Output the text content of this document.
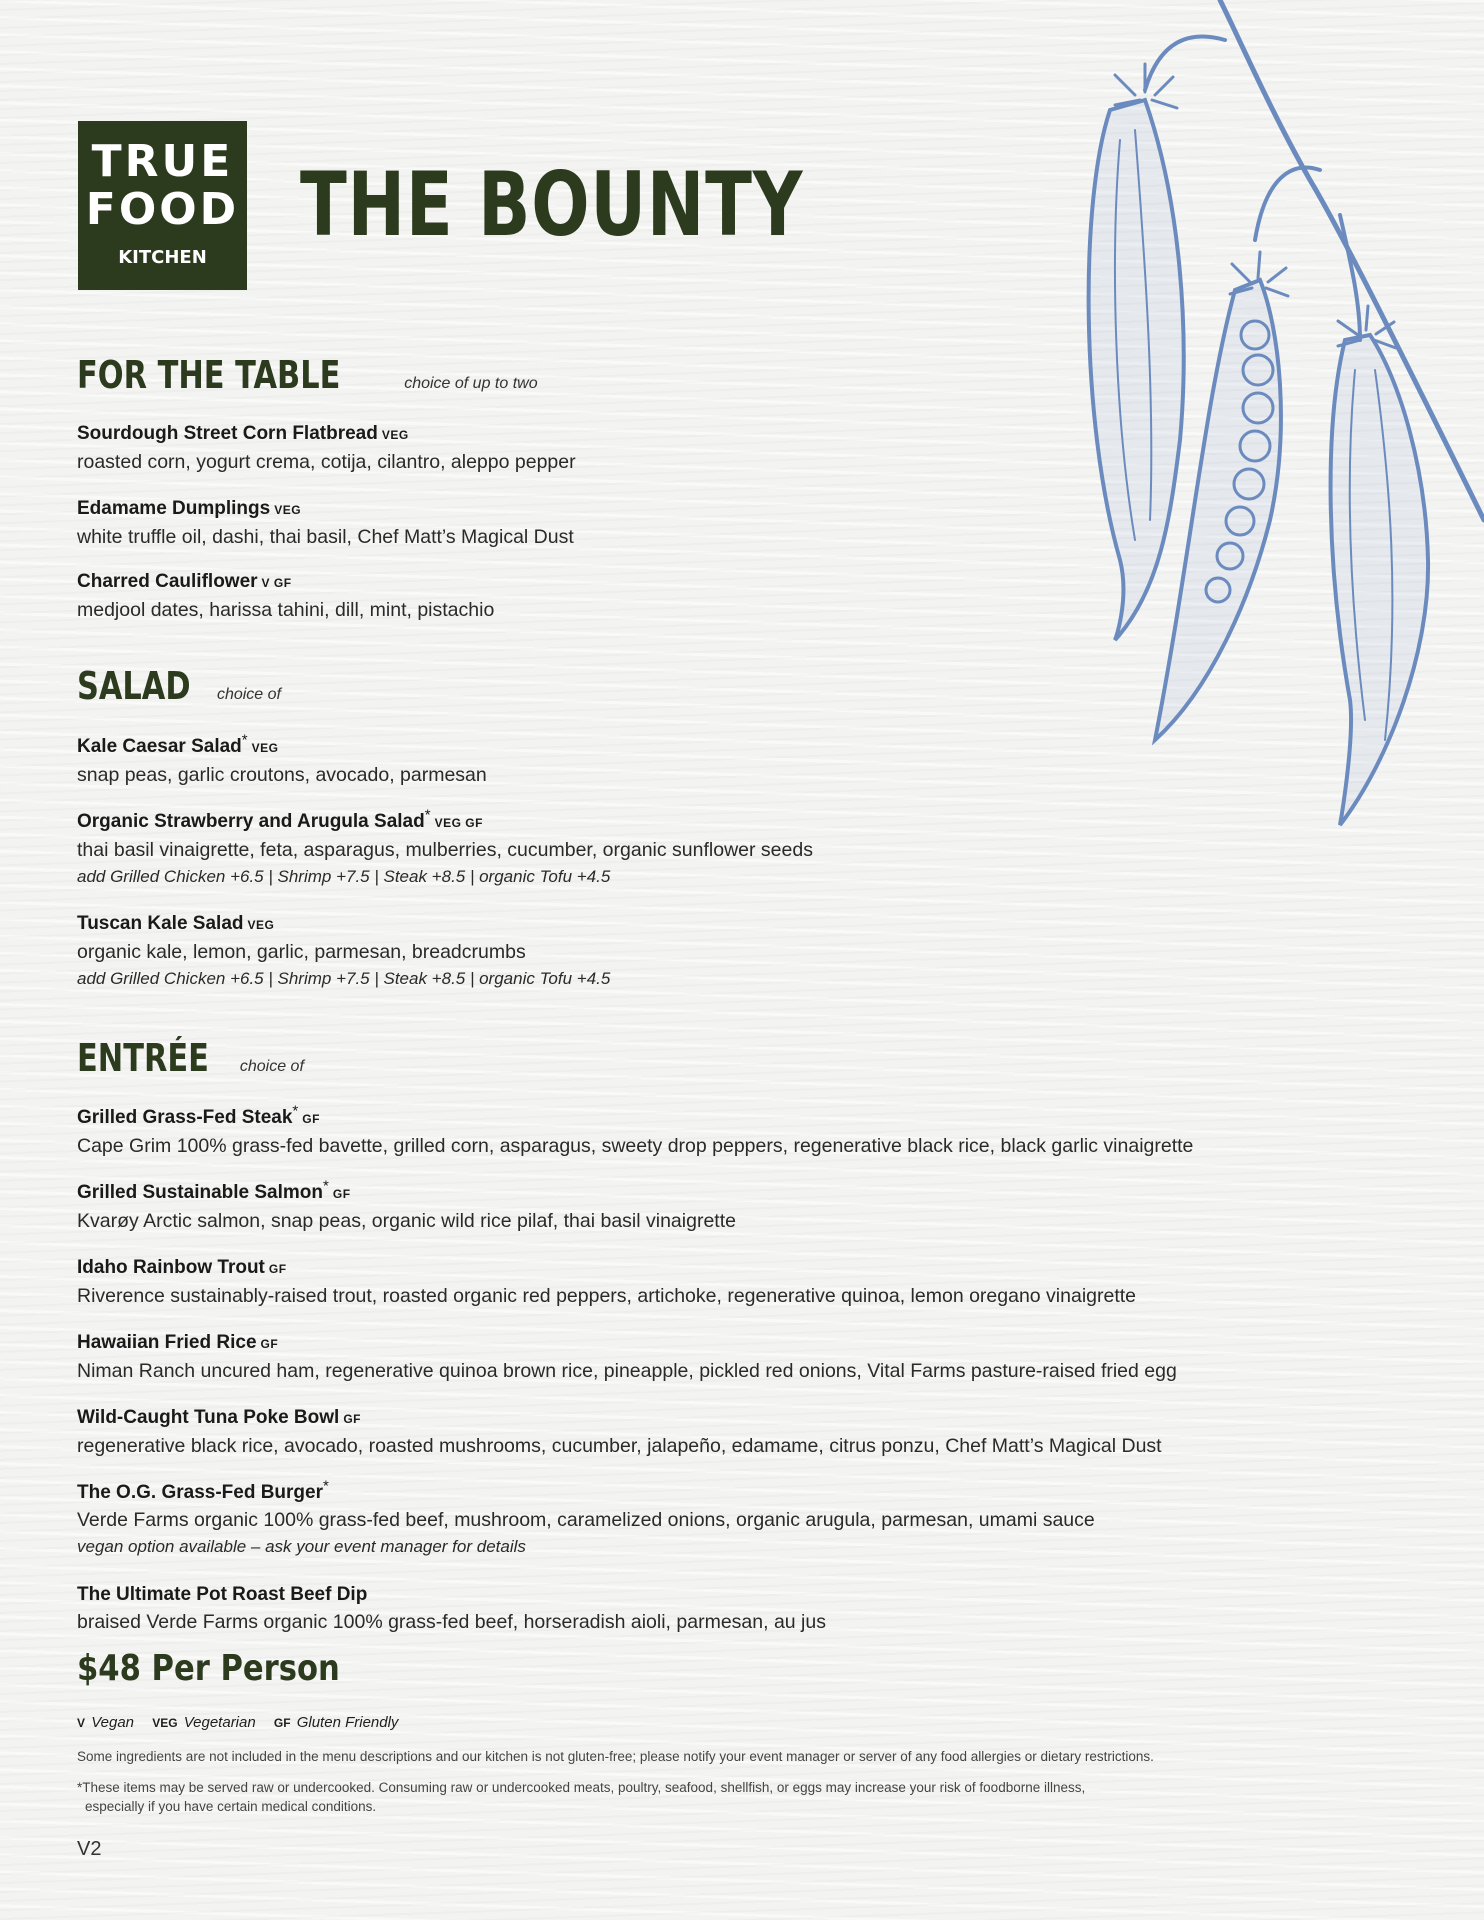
TRUE
FOOD
KITCHEN
THE BOUNTY
FOR THE TABLE	choice of up to two
Sourdough Street Corn Flatbread VEG
roasted corn, yogurt crema, cotija, cilantro, aleppo pepper
Edamame Dumplings VEG
white truffle oil, dashi, thai basil, Chef Matt’s Magical Dust
Charred Cauliflower V GF
medjool dates, harissa tahini, dill, mint, pistachio
SALAD choice of
Kale Caesar Salad* VEG
snap peas, garlic croutons, avocado, parmesan
Organic Strawberry and Arugula Salad* VEG GF
thai basil vinaigrette, feta, asparagus, mulberries, cucumber, organic sunflower seeds
add Grilled Chicken +6.5 | Shrimp +7.5 | Steak +8.5 | organic Tofu +4.5
Tuscan Kale Salad VEG
organic kale, lemon, garlic, parmesan, breadcrumbs
add Grilled Chicken +6.5 | Shrimp +7.5 | Steak +8.5 | organic Tofu +4.5
ENTRÉE choice of
Grilled Grass-Fed Steak* GF
Cape Grim 100% grass-fed bavette, grilled corn, asparagus, sweety drop peppers, regenerative black rice, black garlic vinaigrette
Grilled Sustainable Salmon* GF
Kvarøy Arctic salmon, snap peas, organic wild rice pilaf, thai basil vinaigrette
Idaho Rainbow Trout GF
Riverence sustainably-raised trout, roasted organic red peppers, artichoke, regenerative quinoa, lemon oregano vinaigrette
Hawaiian Fried Rice GF
Niman Ranch uncured ham, regenerative quinoa brown rice, pineapple, pickled red onions, Vital Farms pasture-raised fried egg
Wild-Caught Tuna Poke Bowl GF
regenerative black rice, avocado, roasted mushrooms, cucumber, jalapeño, edamame, citrus ponzu, Chef Matt’s Magical Dust
The O.G. Grass-Fed Burger*
Verde Farms organic 100% grass-fed beef, mushroom, caramelized onions, organic arugula, parmesan, umami sauce
vegan option available – ask your event manager for details
The Ultimate Pot Roast Beef Dip
braised Verde Farms organic 100% grass-fed beef, horseradish aioli, parmesan, au jus
$48 Per Person
V Vegan VEG Vegetarian GF Gluten Friendly
Some ingredients are not included in the menu descriptions and our kitchen is not gluten-free; please notify your event manager or server of any food allergies or dietary restrictions.
*These items may be served raw or undercooked. Consuming raw or undercooked meats, poultry, seafood, shellfish, or eggs may increase your risk of foodborne illness,
especially if you have certain medical conditions.
V2
